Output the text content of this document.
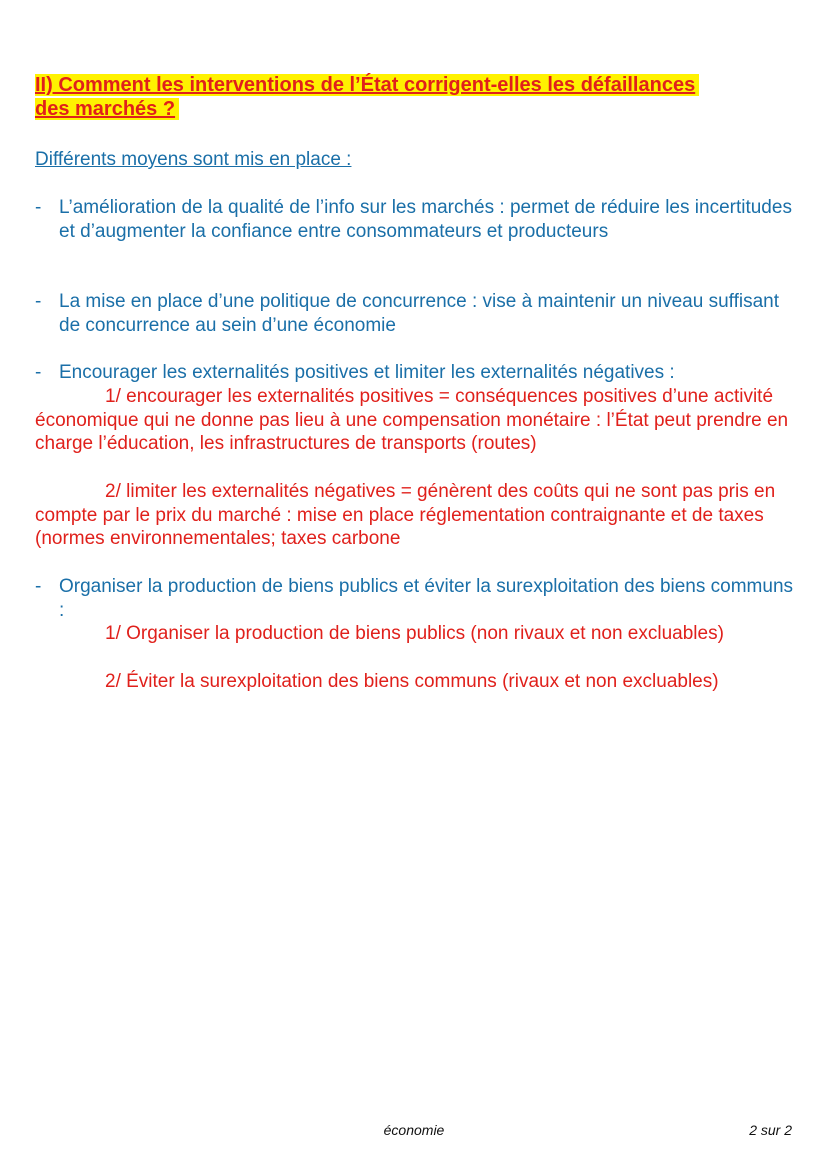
II) Comment les interventions de l’État corrigent-elles les défaillances
des marchés ?
Différents moyens sont mis en place :
- L’amélioration de la qualité de l’info sur les marchés : permet de réduire les incertitudes et d’augmenter la confiance entre consommateurs et producteurs
- La mise en place d’une politique de concurrence : vise à maintenir un niveau suffisant de concurrence au sein d’une économie
- Encourager les externalités positives et limiter les externalités négatives :
1/ encourager les externalités positives = conséquences positives d’une activité économique qui ne donne pas lieu à une compensation monétaire : l’État peut prendre en charge l’éducation, les infrastructures de transports (routes)
2/ limiter les externalités négatives = génèrent des coûts qui ne sont pas pris en compte par le prix du marché : mise en place réglementation contraignante et de taxes (normes environnementales; taxes carbone
- Organiser la production de biens publics et éviter la surexploitation des biens communs :
1/ Organiser la production de biens publics (non rivaux et non excluables)
2/ Éviter la surexploitation des biens communs (rivaux et non excluables)
économie	2 sur 2
